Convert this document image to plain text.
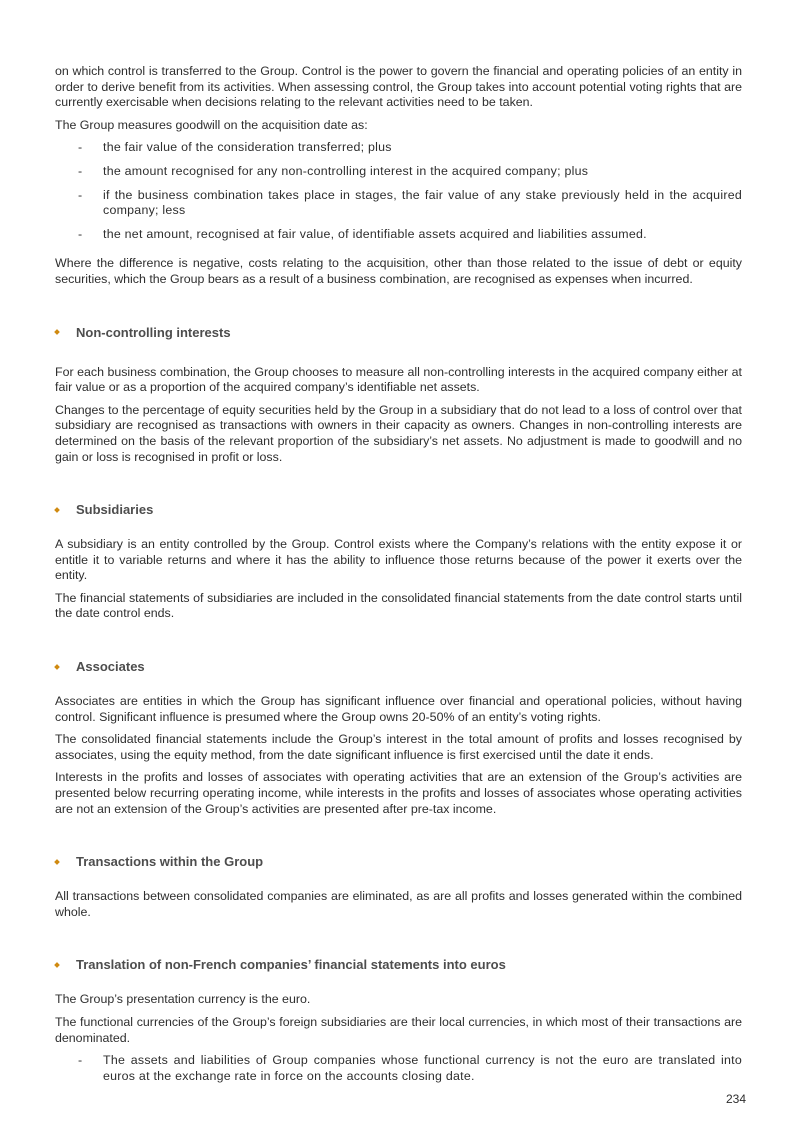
on which control is transferred to the Group. Control is the power to govern the financial and operating policies of an entity in order to derive benefit from its activities. When assessing control, the Group takes into account potential voting rights that are currently exercisable when decisions relating to the relevant activities need to be taken.

The Group measures goodwill on the acquisition date as:

- the fair value of the consideration transferred; plus
- the amount recognised for any non-controlling interest in the acquired company; plus
- if the business combination takes place in stages, the fair value of any stake previously held in the acquired company; less
- the net amount, recognised at fair value, of identifiable assets acquired and liabilities assumed.

Where the difference is negative, costs relating to the acquisition, other than those related to the issue of debt or equity securities, which the Group bears as a result of a business combination, are recognised as expenses when incurred.

Non-controlling interests

For each business combination, the Group chooses to measure all non-controlling interests in the acquired company either at fair value or as a proportion of the acquired company’s identifiable net assets.

Changes to the percentage of equity securities held by the Group in a subsidiary that do not lead to a loss of control over that subsidiary are recognised as transactions with owners in their capacity as owners. Changes in non-controlling interests are determined on the basis of the relevant proportion of the subsidiary’s net assets. No adjustment is made to goodwill and no gain or loss is recognised in profit or loss.

Subsidiaries

A subsidiary is an entity controlled by the Group. Control exists where the Company’s relations with the entity expose it or entitle it to variable returns and where it has the ability to influence those returns because of the power it exerts over the entity.

The financial statements of subsidiaries are included in the consolidated financial statements from the date control starts until the date control ends.

Associates

Associates are entities in which the Group has significant influence over financial and operational policies, without having control. Significant influence is presumed where the Group owns 20-50% of an entity’s voting rights.

The consolidated financial statements include the Group’s interest in the total amount of profits and losses recognised by associates, using the equity method, from the date significant influence is first exercised until the date it ends.

Interests in the profits and losses of associates with operating activities that are an extension of the Group’s activities are presented below recurring operating income, while interests in the profits and losses of associates whose operating activities are not an extension of the Group’s activities are presented after pre-tax income.

Transactions within the Group

All transactions between consolidated companies are eliminated, as are all profits and losses generated within the combined whole.

Translation of non-French companies’ financial statements into euros

The Group’s presentation currency is the euro.

The functional currencies of the Group’s foreign subsidiaries are their local currencies, in which most of their transactions are denominated.

- The assets and liabilities of Group companies whose functional currency is not the euro are translated into euros at the exchange rate in force on the accounts closing date.
234
